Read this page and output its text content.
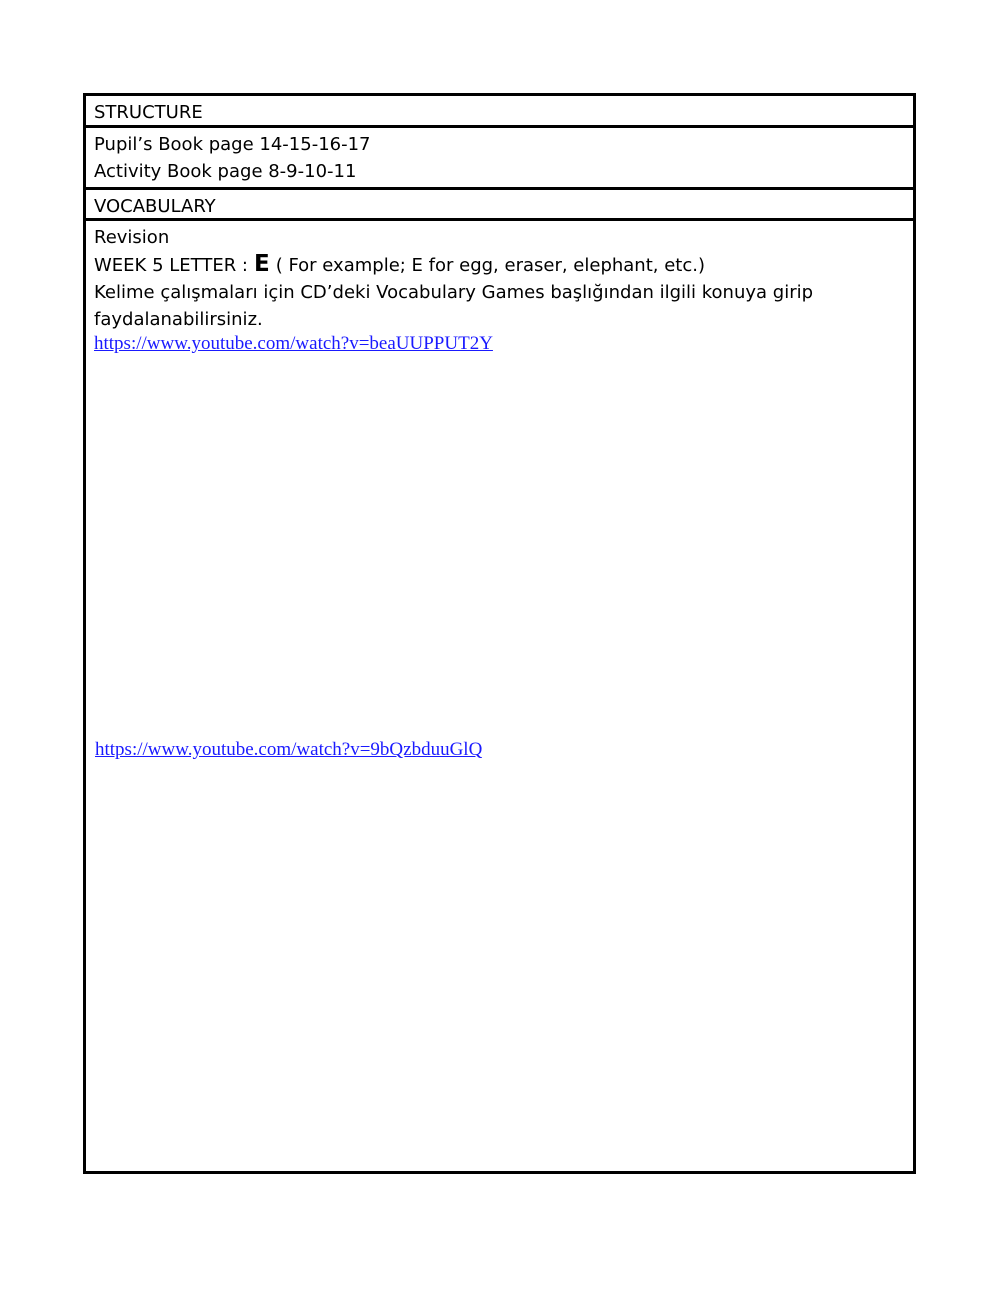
STRUCTURE
Pupil’s Book page 14-15-16-17
Activity Book page 8-9-10-11
VOCABULARY
Revision
WEEK 5 LETTER : E ( For example; E for egg, eraser, elephant, etc.)
Kelime çalışmaları için CD’deki Vocabulary Games başlığından ilgili konuya girip faydalanabilirsiniz.
https://www.youtube.com/watch?v=beaUUPPUT2Y
https://www.youtube.com/watch?v=9bQzbduuGlQ
